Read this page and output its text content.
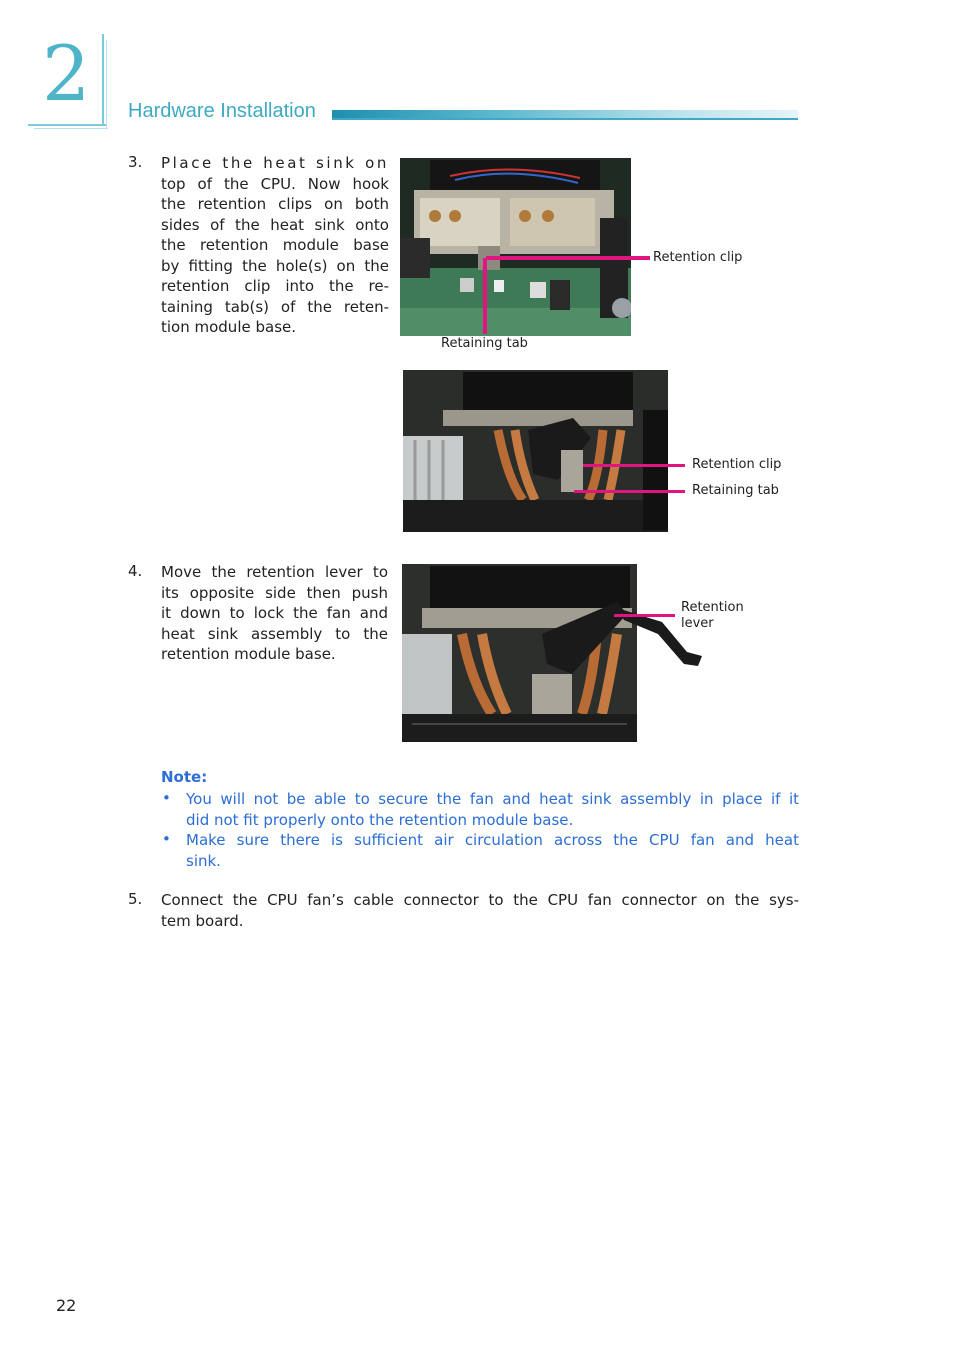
2 Hardware Installation
3. Place the heat sink on
top of the CPU. Now hook
the retention clips on both
sides of the heat sink onto
the retention module base
by fitting the hole(s) on the
retention clip into the re-
taining tab(s) of the reten-
tion module base.
Retention clip
Retaining tab
Retention clip
Retaining tab
4. Move the retention lever to
its opposite side then push
it down to lock the fan and
heat sink assembly to the
retention module base.
Retention
lever
Note:
• You will not be able to secure the fan and heat sink assembly in place if it
did not fit properly onto the retention module base.
• Make sure there is sufficient air circulation across the CPU fan and heat
sink.
5. Connect the CPU fan’s cable connector to the CPU fan connector on the sys-
tem board.
22
